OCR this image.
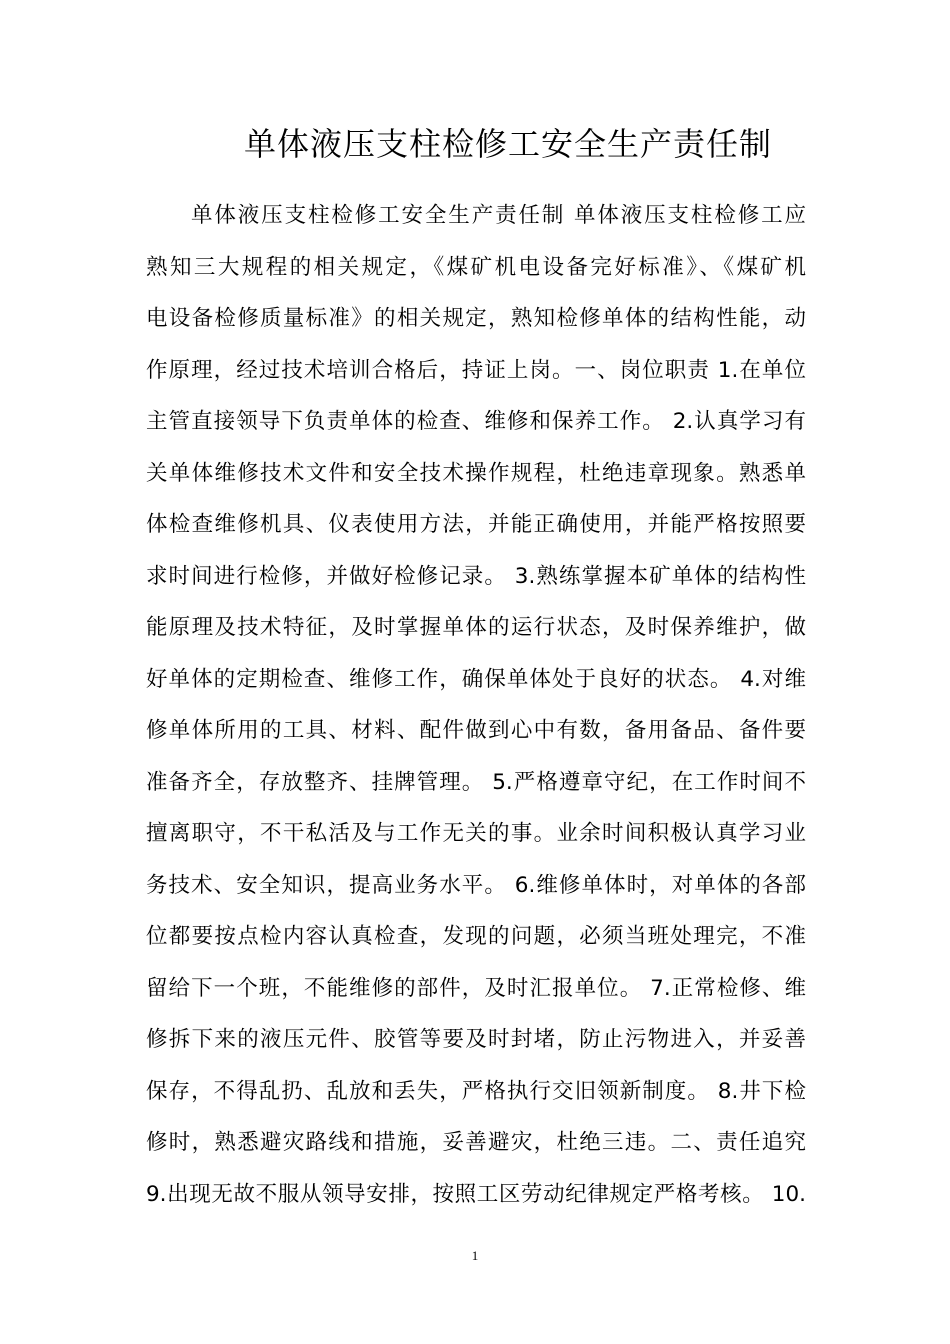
单体液压支柱检修工安全生产责任制
单体液压支柱检修工安全生产责任制 单体液压支柱检修工应
熟知三大规程的相关规定，《煤矿机电设备完好标准》、《煤矿机
电设备检修质量标准》的相关规定，熟知检修单体的结构性能，动
作原理，经过技术培训合格后，持证上岗。一、岗位职责 1.在单位
主管直接领导下负责单体的检查、维修和保养工作。 2.认真学习有
关单体维修技术文件和安全技术操作规程，杜绝违章现象。熟悉单
体检查维修机具、仪表使用方法，并能正确使用，并能严格按照要
求时间进行检修，并做好检修记录。 3.熟练掌握本矿单体的结构性
能原理及技术特征，及时掌握单体的运行状态，及时保养维护，做
好单体的定期检查、维修工作，确保单体处于良好的状态。 4.对维
修单体所用的工具、材料、配件做到心中有数，备用备品、备件要
准备齐全，存放整齐、挂牌管理。 5.严格遵章守纪，在工作时间不
擅离职守，不干私活及与工作无关的事。业余时间积极认真学习业
务技术、安全知识，提高业务水平。 6.维修单体时，对单体的各部
位都要按点检内容认真检查，发现的问题，必须当班处理完，不准
留给下一个班，不能维修的部件，及时汇报单位。 7.正常检修、维
修拆下来的液压元件、胶管等要及时封堵，防止污物进入，并妥善
保存，不得乱扔、乱放和丢失，严格执行交旧领新制度。 8.井下检
修时，熟悉避灾路线和措施，妥善避灾，杜绝三违。二、责任追究
9.出现无故不服从领导安排，按照工区劳动纪律规定严格考核。 10.
1
